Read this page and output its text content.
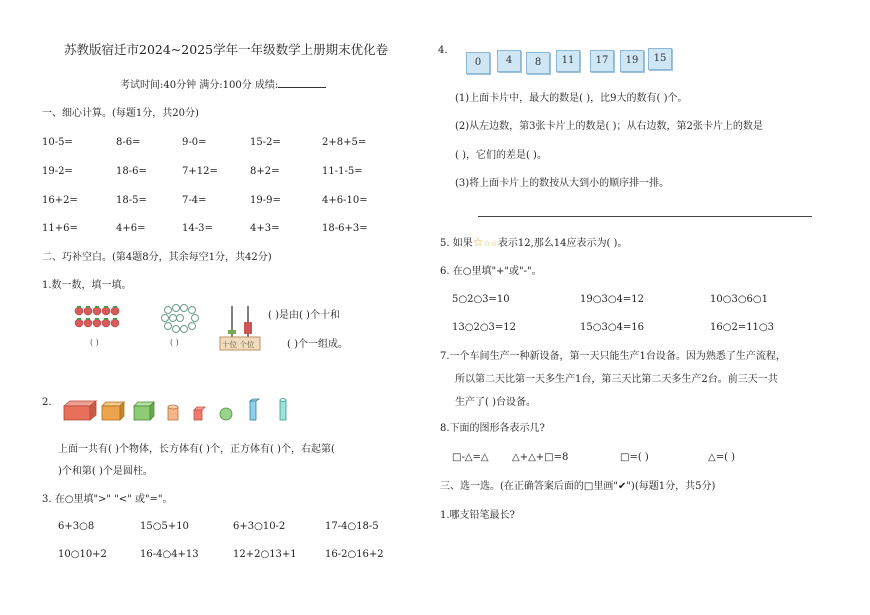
苏教版宿迁市2024~2025学年一年级数学上册期末优化卷
考试时间:40分钟 满分:100分 成绩:
一、细心计算。(每题1分，共20分)
10-5=	8-6=	9-0=	15-2=	2+8+5=
19-2=	18-6=	7+12=	8+2=	11-1-5=
16+2=	18-5=	7-4=	19-9=	4+6-10=
11+6=	4+6=	14-3=	4+3=	18-6+3=
二、巧补空白。(第4题8分，其余每空1分，共42分)
1.数一数，填一填。
( )	( )	十位 个位
( )是由( )个十和
( )个一组成。
2.
上面一共有( )个物体，长方体有( )个，正方体有( )个，右起第(
)个和第( )个是圆柱。
3. 在○里填">" "<" 或"="。
6+3○8	15○5+10	6+3○10-2	17-4○18-5
10○10+2	16-4○4+13	12+2○13+1	16-2○16+2
4.
0	4	8	11	17	19	15
(1)上面卡片中，最大的数是( )，比9大的数有( )个。
(2)从左边数，第3张卡片上的数是( )；从右边数，第2张卡片上的数是
( )，它们的差是( )。
(3)将上面卡片上的数按从大到小的顺序排一排。
5. 如果☆☆☆表示12,那么14应表示为( )。
6. 在○里填"+"或"-"。
5○2○3=10	19○3○4=12	10○3○6○1
13○2○3=12	15○3○4=16	16○2=11○3
7.一个车间生产一种新设备，第一天只能生产1台设备。因为熟悉了生产流程，
所以第二天比第一天多生产1台，第三天比第二天多生产2台。前三天一共
生产了( )台设备。
8.下面的图形各表示几?
□-△=△ △+△+□=8	□=( )	△=( )
三、选一选。(在正确答案后面的□里画"✔")(每题1分，共5分)
1.哪支铅笔最长?
